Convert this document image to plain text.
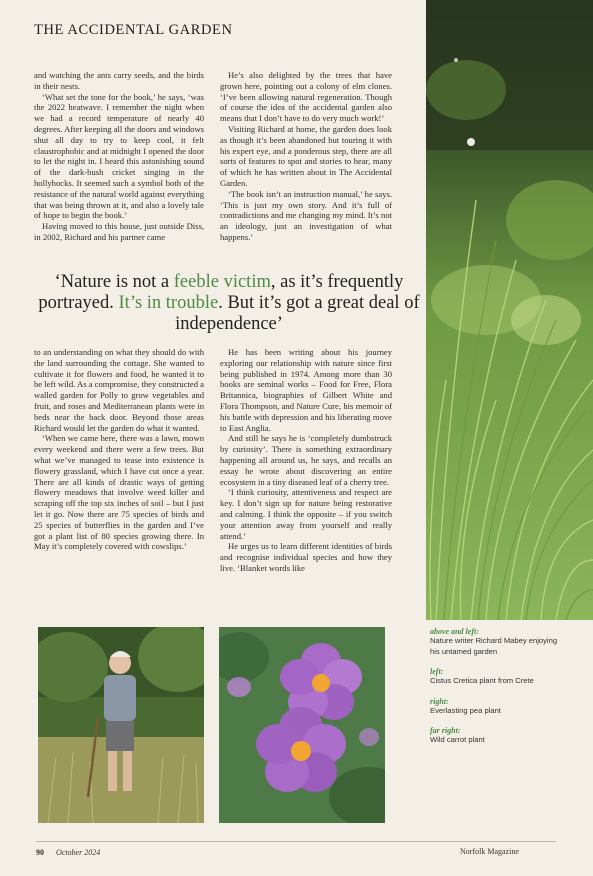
THE ACCIDENTAL GARDEN

and watching the ants carry seeds, and the birds in their nests.

‘What set the tone for the book,’ he says, ‘was the 2022 heatwave. I remember the night when we had a record temperature of nearly 40 degrees. After keeping all the doors and windows shut all day to try to keep cool, it felt claustrophobic and at midnight I opened the door to let the night in. I heard this astonishing sound of the dark-bush cricket singing in the hollyhocks. It seemed such a symbol both of the resistance of the natural world against everything that was being thrown at it, and also a lovely tale of hope to begin the book.’

Having moved to this house, just outside Diss, in 2002, Richard and his partner came

He’s also delighted by the trees that have grown here, pointing out a colony of elm clones. ‘I’ve been allowing natural regeneration. Though of course the idea of the accidental garden also means that I don’t have to do very much work!’

Visiting Richard at home, the garden does look as though it’s been abandoned but touring it with his expert eye, and a ponderous step, there are all sorts of features to spot and stories to hear, many of which he has written about in The Accidental Garden.

‘The book isn’t an instruction manual,’ he says. ‘This is just my own story. And it’s full of contradictions and me changing my mind. It’s not an ideology, just an investigation of what happens.’

‘Nature is not a feeble victim, as it’s frequently portrayed. It’s in trouble. But it’s got a great deal of independence’

to an understanding on what they should do with the land surrounding the cottage. She wanted to cultivate it for flowers and food, he wanted it to be left wild. As a compromise, they constructed a walled garden for Polly to grow vegetables and fruit, and roses and Mediterranean plants were in beds near the back door. Beyond those areas Richard would let the garden do what it wanted.

‘When we came here, there was a lawn, mown every weekend and there were a few trees. But what we’ve managed to tease into existence is flowery grassland, which I have cut once a year. There are all kinds of drastic ways of getting flowery meadows that involve weed killer and scraping off the top six inches of soil – but I just let it go. Now there are 75 species of birds and 25 species of butterflies in the garden and I’ve got a plant list of 80 species growing there. In May it’s completely covered with cowslips.’

He has been writing about his journey exploring our relationship with nature since first being published in 1974. Among more than 30 books are seminal works – Food for Free, Flora Britannica, biographies of Gilbert White and Flora Thompson, and Nature Cure, his memoir of his battle with depression and his liberating move to East Anglia.

And still he says he is ‘completely dumbstruck by curiosity’. There is something extraordinary happening all around us, he says, and recalls an essay he wrote about discovering an entire ecosystem in a tiny diseased leaf of a cherry tree.

‘I think curiosity, attentiveness and respect are key. I don’t sign up for nature being restorative and calming. I think the opposite – if you switch your attention away from yourself and really attend.’

He urges us to learn different identities of birds and recognise individual species and how they live. ‘Blanket words like

above and left:
Nature writer Richard Mabey enjoying his untamed garden
left:
Cistus Cretica plant from Crete
right:
Everlasting pea plant
far right:
Wild carrot plant
90 October 2024	Norfolk Magazine
